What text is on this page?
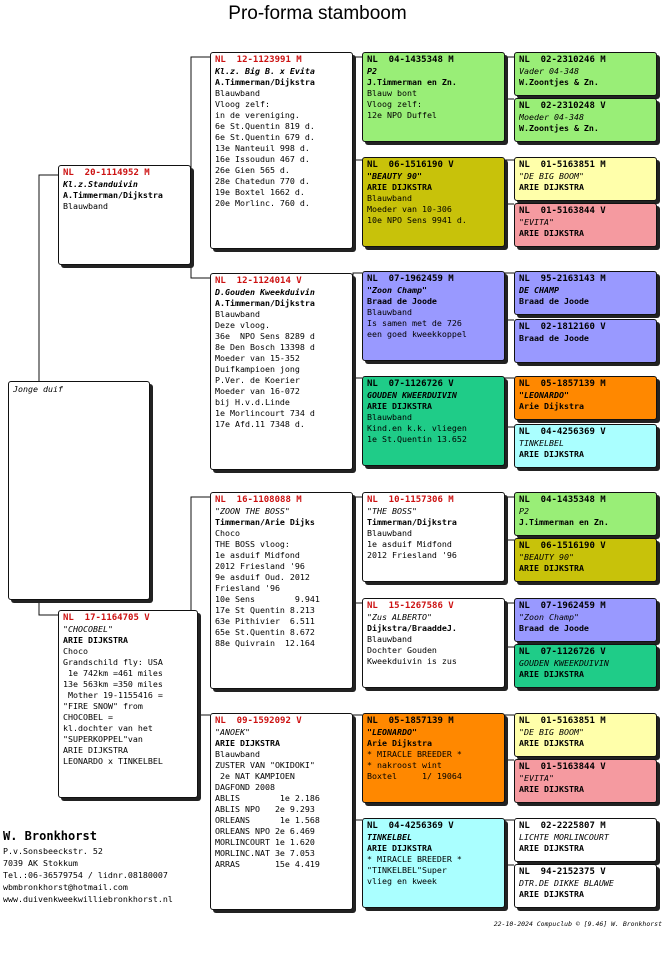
Pro-forma stamboom
Jonge duif
NL  20-1114952 M
Kl.z.Standuivin
A.Timmerman/Dijkstra
Blauwband
NL  17-1164705 V
"CHOCOBEL"
ARIE DIJKSTRA
Choco
Grandschild fly: USA
1e 742km =461 miles
13e 563km =350 miles
Mother 19-1155416 =
"FIRE SNOW" from
CHOCOBEL =
kl.dochter van het
"SUPERKOPPEL"van
ARIE DIJKSTRA
LEONARDO x TINKELBEL
NL  12-1123991 M
Kl.z. Big B. x Evita
A.Timmerman/Dijkstra
Blauwband
Vloog zelf:
in de vereniging.
6e St.Quentin 819 d.
6e St.Quentin 679 d.
13e Nanteuil 998 d.
16e Issoudun 467 d.
26e Gien 565 d.
28e Chatedun 770 d.
19e Boxtel 1662 d.
20e Morlinc. 760 d.
NL  12-1124014 V
D.Gouden Kweekduivin
A.Timmerman/Dijkstra
Blauwband
Deze vloog.
36e  NPO Sens 8289 d
8e Den Bosch 13398 d
Moeder van 15-352
Duifkampioen jong
P.Ver. de Koerier
Moeder van 16-072
bij H.v.d.Linde
1e Morlincourt 734 d
17e Afd.11 7348 d.
NL  16-1108088 M
"ZOON THE BOSS"
Timmerman/Arie Dijks
Choco
THE BOSS vloog:
1e asduif Midfond
2012 Friesland '96
9e asduif Oud. 2012
Friesland '96
10e Sens        9.941
17e St Quentin 8.213
63e Pithivier  6.511
65e St.Quentin 8.672
88e Quivrain  12.164
NL  09-1592092 V
"ANOEK"
ARIE DIJKSTRA
Blauwband
ZUSTER VAN "OKIDOKI"
2e NAT KAMPIOEN
DAGFOND 2008
ABLIS        1e 2.186
ABLIS NPO   2e 9.293
ORLEANS      1e 1.568
ORLEANS NPO 2e 6.469
MORLINCOURT 1e 1.620
MORLINC.NAT 3e 7.053
ARRAS       15e 4.419
NL  04-1435348 M
P2
J.Timmerman en Zn.
Blauw bont
Vloog zelf:
12e NPO Duffel
NL  06-1516190 V
"BEAUTY 90"
ARIE DIJKSTRA
Blauwband
Moeder van 10-306
10e NPO Sens 9941 d.
NL  07-1962459 M
"Zoon Champ"
Braad de Joode
Blauwband
Is samen met de 726
een goed kweekkoppel
NL  07-1126726 V
GOUDEN KWEERDUIVIN
ARIE DIJKSTRA
Blauwband
Kind.en k.k. vliegen
1e St.Quentin 13.652
NL  10-1157306 M
"THE BOSS"
Timmerman/Dijkstra
Blauwband
1e asduif Midfond
2012 Friesland '96
NL  15-1267586 V
"Zus ALBERTO"
Dijkstra/BraaddeJ.
Blauwband
Dochter Gouden
Kweekduivin is zus
NL  05-1857139 M
"LEONARDO"
Arie Dijkstra
* MIRACLE BREEDER *
* nakroost wint
Boxtel     1/ 19064
NL  04-4256369 V
TINKELBEL
ARIE DIJKSTRA
* MIRACLE BREEDER *
"TINKELBEL"Super
vlieg en kweek
NL  02-2310246 M
Vader 04-348
W.Zoontjes & Zn.
NL  02-2310248 V
Moeder 04-348
W.Zoontjes & Zn.
NL  01-5163851 M
"DE BIG BOOM"
ARIE DIJKSTRA
NL  01-5163844 V
"EVITA"
ARIE DIJKSTRA
NL  95-2163143 M
DE CHAMP
Braad de Joode
NL  02-1812160 V
Braad de Joode
NL  05-1857139 M
"LEONARDO"
Arie Dijkstra
NL  04-4256369 V
TINKELBEL
ARIE DIJKSTRA
NL  04-1435348 M
P2
J.Timmerman en Zn.
NL  06-1516190 V
"BEAUTY 90"
ARIE DIJKSTRA
NL  07-1962459 M
"Zoon Champ"
Braad de Joode
NL  07-1126726 V
GOUDEN KWEEKDUIVIN
ARIE DIJKSTRA
NL  01-5163851 M
"DE BIG BOOM"
ARIE DIJKSTRA
NL  01-5163844 V
"EVITA"
ARIE DIJKSTRA
NL  02-2225807 M
LICHTE MORLINCOURT
ARIE DIJKSTRA
NL  94-2152375 V
DTR.DE DIKKE BLAUWE
ARIE DIJKSTRA
W. Bronkhorst
P.v.Sonsbeeckstr. 52
7039 AK Stokkum
Tel.:06-36579754 / lidnr.08180007
wbmbronkhorst@hotmail.com
www.duivenkweekwilliebronkhorst.nl
22-10-2024 Compuclub © [9.46] W. Bronkhorst
